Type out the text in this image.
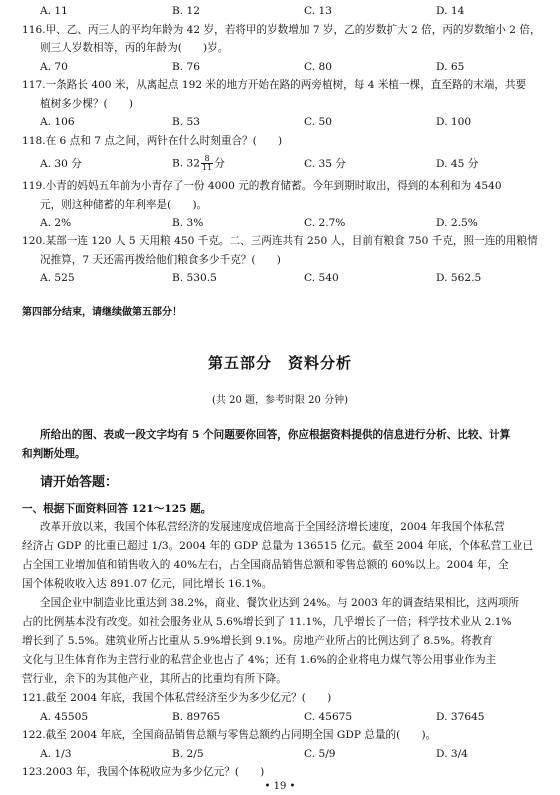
A. 11	B. 12	C. 13	D. 14
116.甲、乙、丙三人的平均年龄为 42 岁，若将甲的岁数增加 7 岁，乙的岁数扩大 2 倍，丙的岁数缩小 2 倍，
则三人岁数相等，丙的年龄为(　　)岁。
A. 70	B. 76	C. 80	D. 65
117.一条路长 400 米，从离起点 192 米的地方开始在路的两旁植树，每 4 米植一棵，直至路的末端，共要
植树多少棵？(　　)
A. 106	B. 53	C. 50	D. 100
118.在 6 点和 7 点之间，两针在什么时刻重合？(　　)
A. 30 分	B. $32 \frac{8}{11}$ 分	C. 35 分	D. 45 分
119.小青的妈妈五年前为小青存了一份 4000 元的教育储蓄。今年到期时取出，得到的本利和为 4540
元，则这种储蓄的年利率是(　　)。
A. 2%	B. 3%	C. 2.7%	D. 2.5%
120.某部一连 120 人 5 天用粮 450 千克。二、三两连共有 250 人，目前有粮食 750 千克，照一连的用粮情
况推算，7 天还需再拨给他们粮食多少千克？(　　)
A. 525	B. 530.5	C. 540	D. 562.5
第四部分结束，请继续做第五部分！
第五部分　资料分析
(共 20 题，参考时限 20 分钟)
所给出的图、表或一段文字均有 5 个问题要你回答，你应根据资料提供的信息进行分析、比较、计算
和判断处理。
请开始答题：
一、根据下面资料回答 121～125 题。
改革开放以来，我国个体私营经济的发展速度成倍地高于全国经济增长速度，2004 年我国个体私营
经济占 GDP 的比重已超过 1/3。2004 年的 GDP 总量为 136515 亿元。截至 2004 年底，个体私营工业已
占全国工业增加值和销售收入的 40%左右，占全国商品销售总额和零售总额的 60%以上。2004 年，全
国个体税收收入达 891.07 亿元，同比增长 16.1%。
全国企业中制造业比重达到 38.2%，商业、餐饮业达到 24%。与 2003 年的调查结果相比，这两项所
占的比例基本没有改变。如社会服务业从 5.6%增长到了 11.1%，几乎增长了一倍；科学技术业从 2.1%
增长到了 5.5%。建筑业所占比重从 5.9%增长到 9.1%。房地产业所占的比例达到了 8.5%。将教育
文化与卫生体育作为主营行业的私营企业也占了 4%；还有 1.6%的企业将电力煤气等公用事业作为主
营行业，余下的为其他产业，其所占的比重均有所下降。
121.截至 2004 年底，我国个体私营经济至少为多少亿元？(　　)
A. 45505	B. 89765	C. 45675	D. 37645
122.截至 2004 年底，全国商品销售总额与零售总额约占同期全国 GDP 总量的(　　)。
A. 1/3	B. 2/5	C. 5/9	D. 3/4
123.2003 年，我国个体税收应为多少亿元？(　　)
• 19 •
